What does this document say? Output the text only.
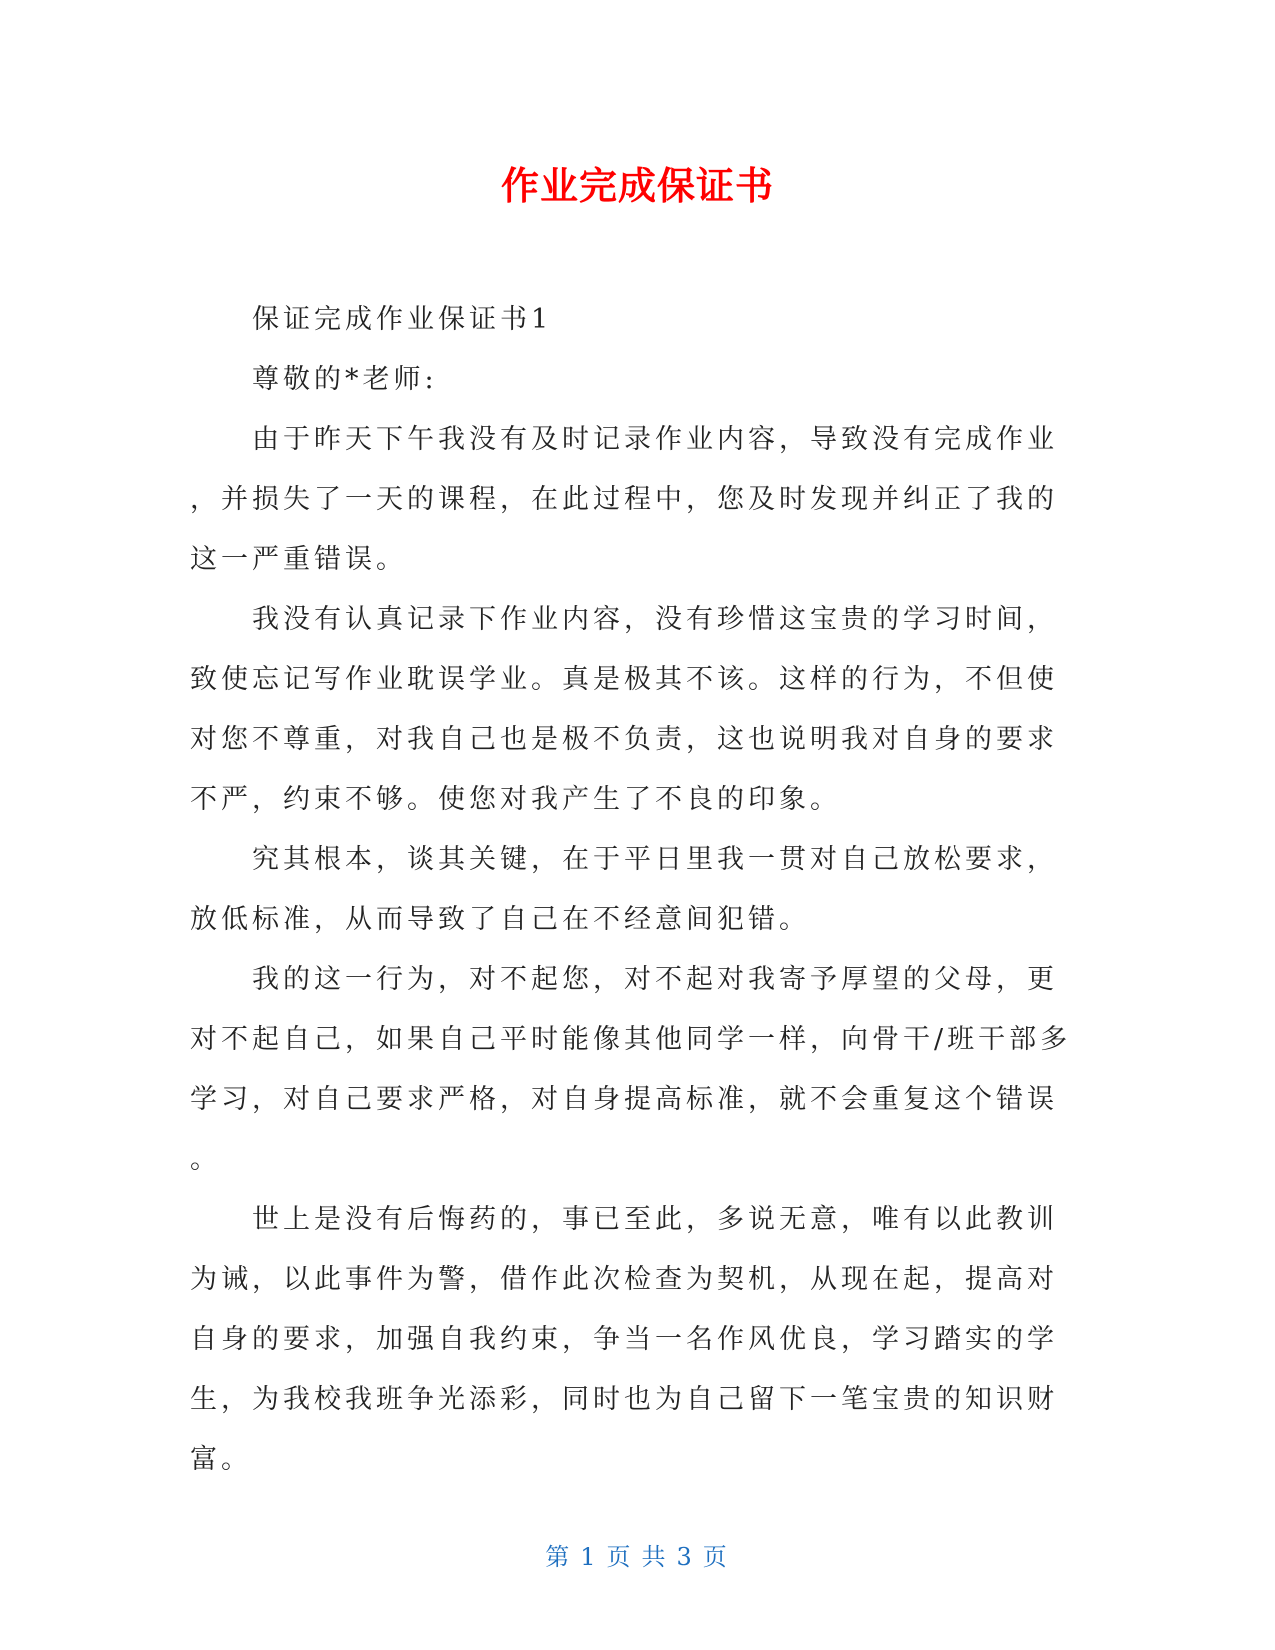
作业完成保证书
保证完成作业保证书1
尊敬的*老师:
由于昨天下午我没有及时记录作业内容，导致没有完成作业
，并损失了一天的课程，在此过程中，您及时发现并纠正了我的
这一严重错误。
我没有认真记录下作业内容，没有珍惜这宝贵的学习时间，
致使忘记写作业耽误学业。真是极其不该。这样的行为，不但使
对您不尊重，对我自己也是极不负责，这也说明我对自身的要求
不严，约束不够。使您对我产生了不良的印象。
究其根本，谈其关键，在于平日里我一贯对自己放松要求，
放低标准，从而导致了自己在不经意间犯错。
我的这一行为，对不起您，对不起对我寄予厚望的父母，更
对不起自己，如果自己平时能像其他同学一样，向骨干/班干部多
学习，对自己要求严格，对自身提高标准，就不会重复这个错误
。
世上是没有后悔药的，事已至此，多说无意，唯有以此教训
为诫，以此事件为警，借作此次检查为契机，从现在起，提高对
自身的要求，加强自我约束，争当一名作风优良，学习踏实的学
生，为我校我班争光添彩，同时也为自己留下一笔宝贵的知识财
富。
第 1 页 共 3 页
